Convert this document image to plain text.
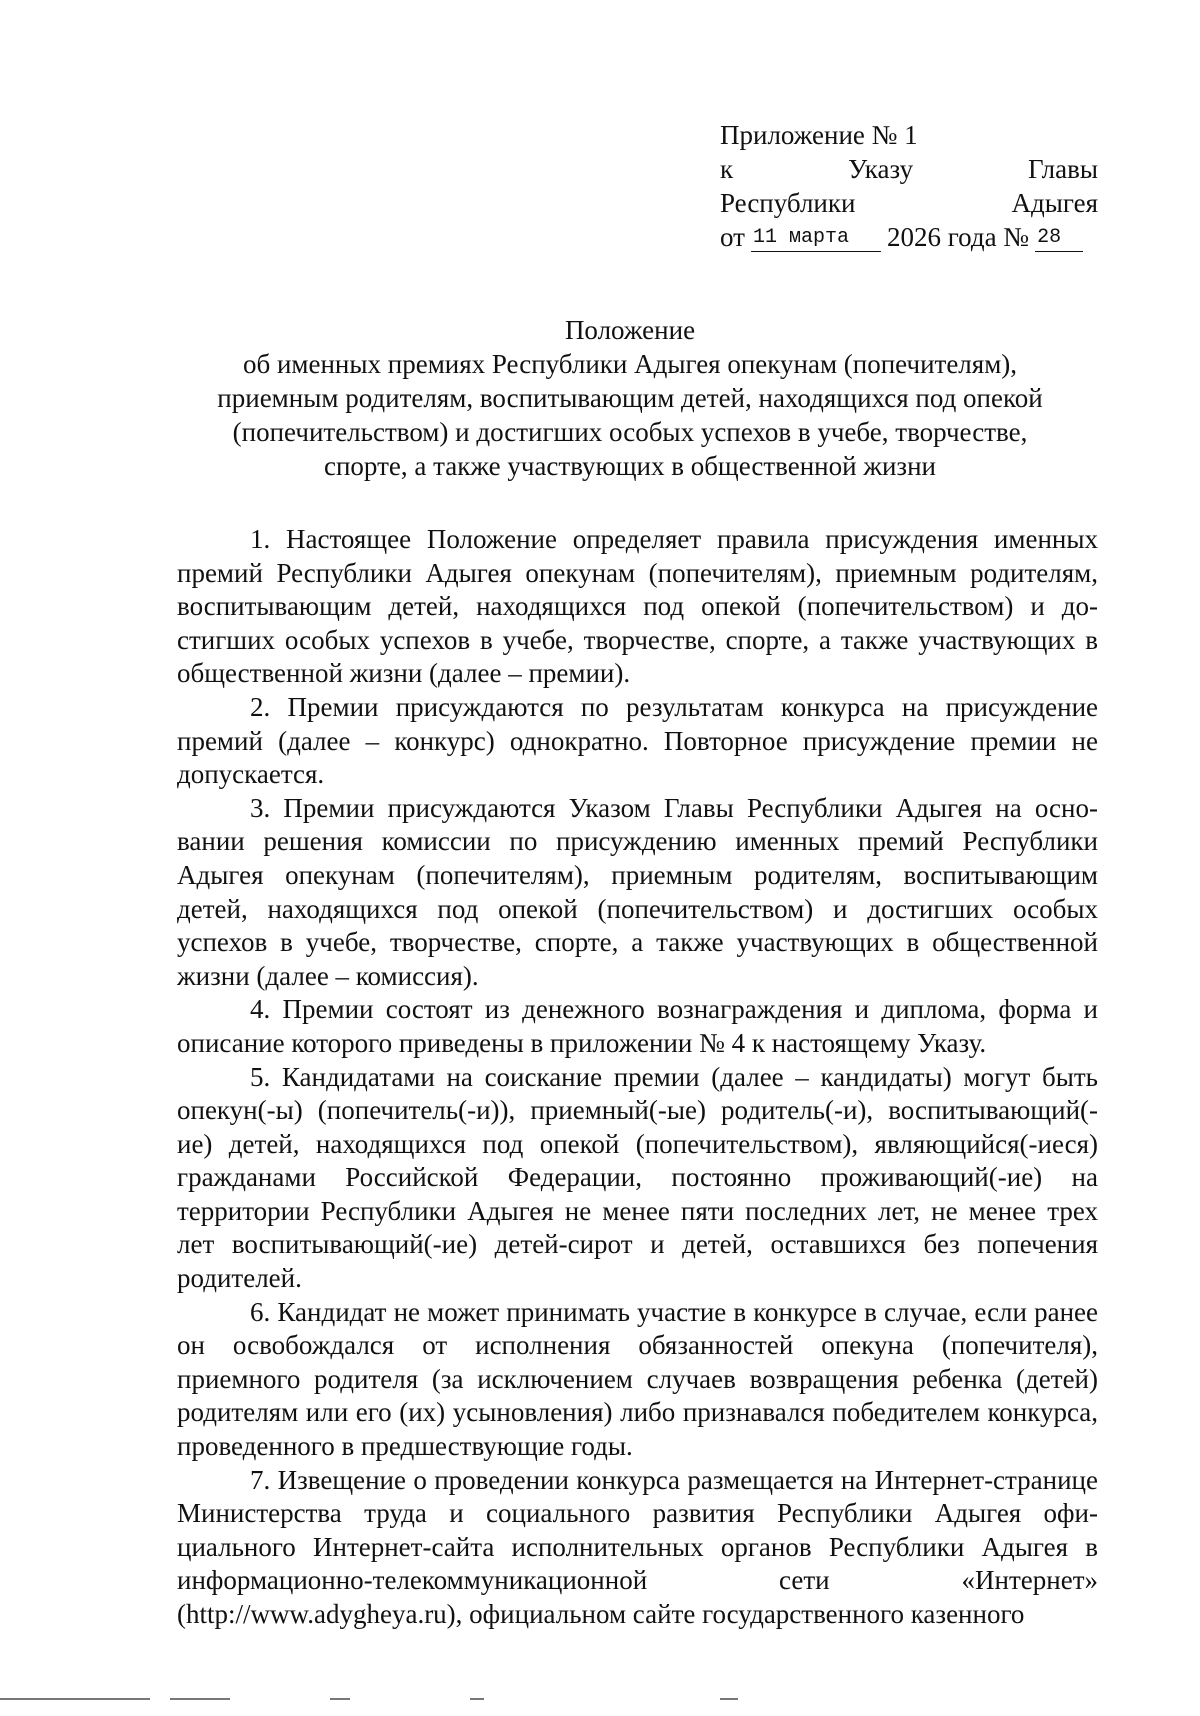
Приложение № 1
к	Указу	Главы
Республики	Адыгея
от 11 марта	2026 года № 28
Положение
об именных премиях Республики Адыгея опекунам (попечителям),
приемным родителям, воспитывающим детей, находящихся под опекой
(попечительством) и достигших особых успехов в учебе, творчестве,
спорте, а также участвующих в общественной жизни

1. Настоящее Положение определяет правила присуждения именных премий Республики Адыгея опекунам (попечителям), приемным родителям, воспитывающим детей, находящихся под опекой (попечительством) и достигших особых успехов в учебе, творчестве, спорте, а также участвующих в общественной жизни (далее – премии).

2. Премии присуждаются по результатам конкурса на присуждение премий (далее – конкурс) однократно. Повторное присуждение премии не допускается.

3. Премии присуждаются Указом Главы Республики Адыгея на основании решения комиссии по присуждению именных премий Республики Адыгея опекунам (попечителям), приемным родителям, воспитывающим детей, находящихся под опекой (попечительством) и достигших особых успехов в учебе, творчестве, спорте, а также участвующих в общественной жизни (далее – комиссия).

4. Премии состоят из денежного вознаграждения и диплома, форма и описание которого приведены в приложении № 4 к настоящему Указу.

5. Кандидатами на соискание премии (далее – кандидаты) могут быть опекун(-ы) (попечитель(-и)), приемный(-ые) родитель(-и), воспитывающий(-ие) детей, находящихся под опекой (попечительством), являющийся(-иеся) гражданами Российской Федерации, постоянно проживающий(-ие) на территории Республики Адыгея не менее пяти последних лет, не менее трех лет воспитывающий(-ие) детей-сирот и детей, оставшихся без попечения родителей.

6. Кандидат не может принимать участие в конкурсе в случае, если ранее он освобождался от исполнения обязанностей опекуна (попечителя), приемного родителя (за исключением случаев возвращения ребенка (детей) родителям или его (их) усыновления) либо признавался победителем конкурса, проведенного в предшествующие годы.

7. Извещение о проведении конкурса размещается на Интернет-странице Министерства труда и социального развития Республики Адыгея официального Интернет-сайта исполнительных органов Республики Адыгея в информационно-телекоммуникационной сети «Интернет» (http://www.adygheya.ru), официальном сайте государственного казенного
